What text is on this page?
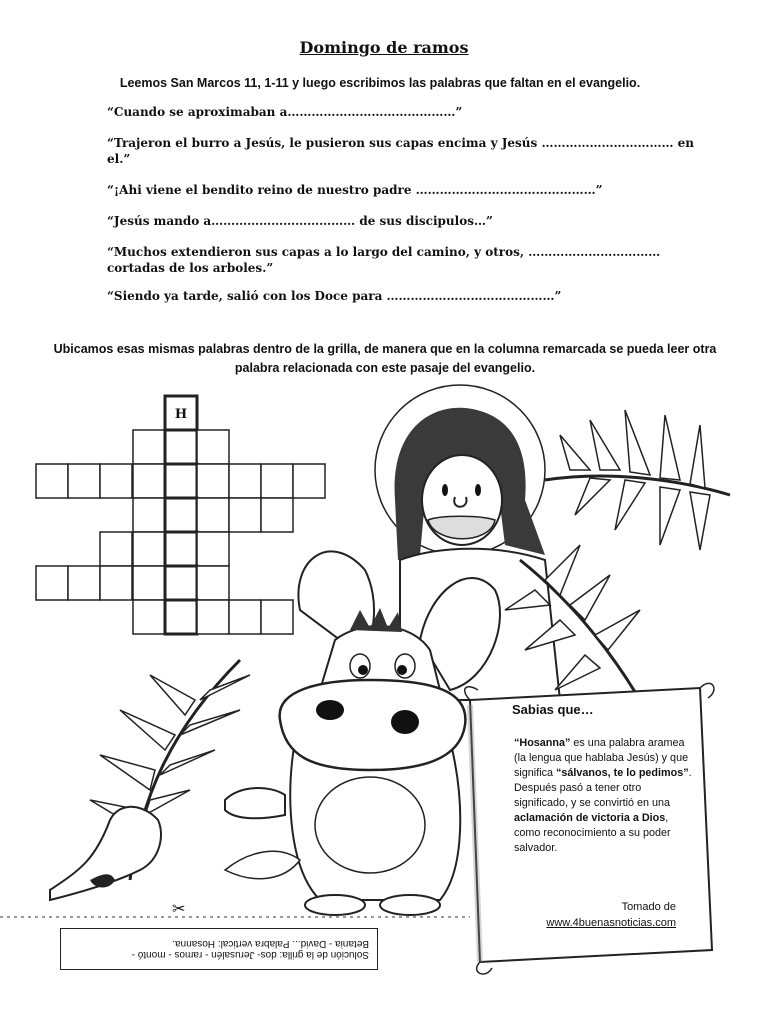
Domingo de ramos
Leemos San Marcos 11, 1-11 y luego escribimos las palabras que faltan en el evangelio.

“Cuando se aproximaban a……………………………………”

“Trajeron el burro a Jesús, le pusieron sus capas encima y Jesús …………………………… en el.”

“¡Ahi viene el bendito reino de nuestro padre ………………………………………”

“Jesús mando a……………………………… de sus discipulos…”

“Muchos extendieron sus capas a lo largo del camino, y otros, …………………………… cortadas de los arboles.”

“Siendo ya tarde, salió con los Doce para ……………………………………”

Ubicamos esas mismas palabras dentro de la grilla, de manera que en la columna remarcada se pueda leer otra palabra relacionada con este pasaje del evangelio.
H
✂
Sabias que…
“Hosanna” es una palabra aramea (la lengua que hablaba Jesús) y que significa “sálvanos, te lo pedimos”. Después pasó a tener otro significado, y se convirtió en una aclamación de victoria a Dios, como reconocimiento a su poder salvador.
Tomado de
www.4buenasnoticias.com
Solución de la grilla: dos- Jerusalén - ramos - montó -
Betania - David... Palabra vertical: Hosanna.
